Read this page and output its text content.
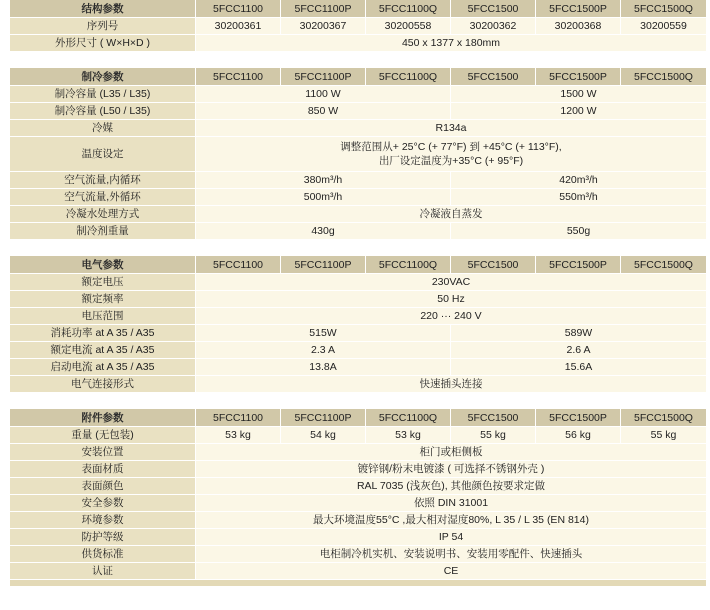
结构参数	5FCC1100	5FCC1100P	5FCC1100Q	5FCC1500	5FCC1500P	5FCC1500Q
序列号	30200361	30200367	30200558	30200362	30200368	30200559
外形尺寸 ( W×H×D )	450 x 1377 x 180mm					

制冷参数	5FCC1100	5FCC1100P	5FCC1100Q	5FCC1500	5FCC1500P	5FCC1500Q
制冷容量 (L35 / L35)	1100 W			1500 W		
制冷容量 (L50 / L35)	850 W			1200 W		
冷媒	R134a					
温度设定	调整范围从+ 25°C (+ 77°F) 到 +45°C (+ 113°F),
出厂设定温度为+35°C (+ 95°F)					
空气流量,内循环	380m³/h			420m³/h		
空气流量,外循环	500m³/h			550m³/h		
冷凝水处理方式	冷凝液自蒸发					
制冷剂重量	430g			550g		

电气参数	5FCC1100	5FCC1100P	5FCC1100Q	5FCC1500	5FCC1500P	5FCC1500Q
额定电压	230VAC					
额定频率	50 Hz					
电压范围	220 ··· 240 V					
消耗功率 at A 35 / A35	515W			589W		
额定电流 at A 35 / A35	2.3 A			2.6 A		
启动电流 at A 35 / A35	13.8A			15.6A		
电气连接形式	快速插头连接					

附件参数	5FCC1100	5FCC1100P	5FCC1100Q	5FCC1500	5FCC1500P	5FCC1500Q
重量 (无包装)	53 kg	54 kg	53 kg	55 kg	56 kg	55 kg
安装位置	柜门或柜侧板					
表面材质	镀锌钢/粉末电镀漆 ( 可选择不锈钢外壳 )					
表面颜色	RAL 7035 (浅灰色), 其他颜色按要求定做					
安全参数	依照 DIN 31001					
环境参数	最大环境温度55°C ,最大相对湿度80%, L 35 / L 35 (EN 814)					
防护等级	IP 54					
供货标准	电柜制冷机实机、安装说明书、安装用零配件、快速插头					
认证	CE					
